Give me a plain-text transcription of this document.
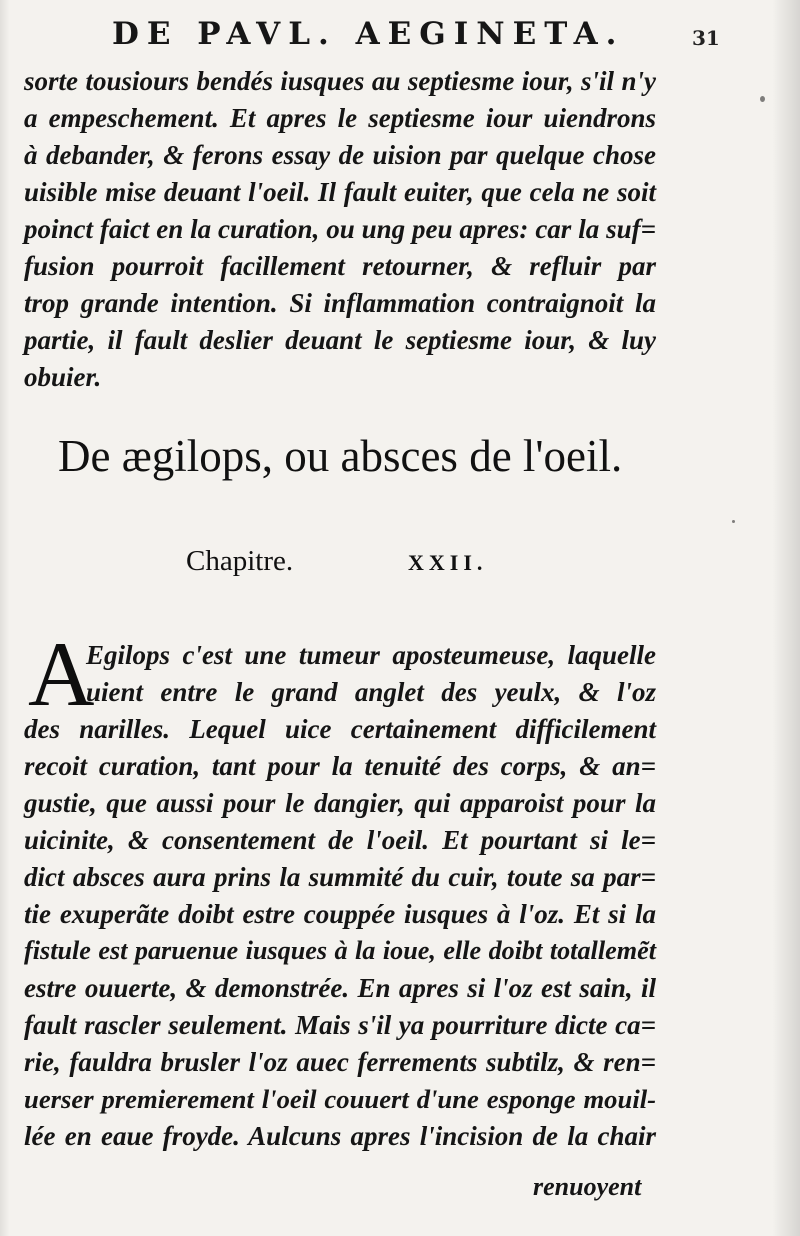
DE PAVL. AEGINETA.	31
sorte tousiours bendés iusques au septiesme iour, s'il n'y
a empeschement. Et apres le septiesme iour uiendrons
à debander, & ferons essay de uision par quelque chose
uisible mise deuant l'oeil. Il fault euiter, que cela ne soit
poinct faict en la curation, ou ung peu apres: car la suf=
fusion pourroit facillement retourner, & refluir par
trop grande intention. Si inflammation contraignoit la
partie, il fault deslier deuant le septiesme iour, & luy
obuier.
De ægilops, ou absces de l'oeil.
Chapitre.	XXII.
A
Egilops c'est une tumeur aposteumeuse, laquelle
uient entre le grand anglet des yeulx, & l'oz
des narilles. Lequel uice certainement difficilement
recoit curation, tant pour la tenuité des corps, & an=
gustie, que aussi pour le dangier, qui apparoist pour la
uicinite, & consentement de l'oeil. Et pourtant si le=
dict absces aura prins la summité du cuir, toute sa par=
tie exuperãte doibt estre couppée iusques à l'oz. Et si la
fistule est paruenue iusques à la ioue, elle doibt totallemẽt
estre ouuerte, & demonstrée. En apres si l'oz est sain, il
fault rascler seulement. Mais s'il ya pourriture dicte ca=
rie, fauldra brusler l'oz auec ferrements subtilz, & ren=
uerser premierement l'oeil couuert d'une esponge mouil-
lée en eaue froyde. Aulcuns apres l'incision de la chair
renuoyent
